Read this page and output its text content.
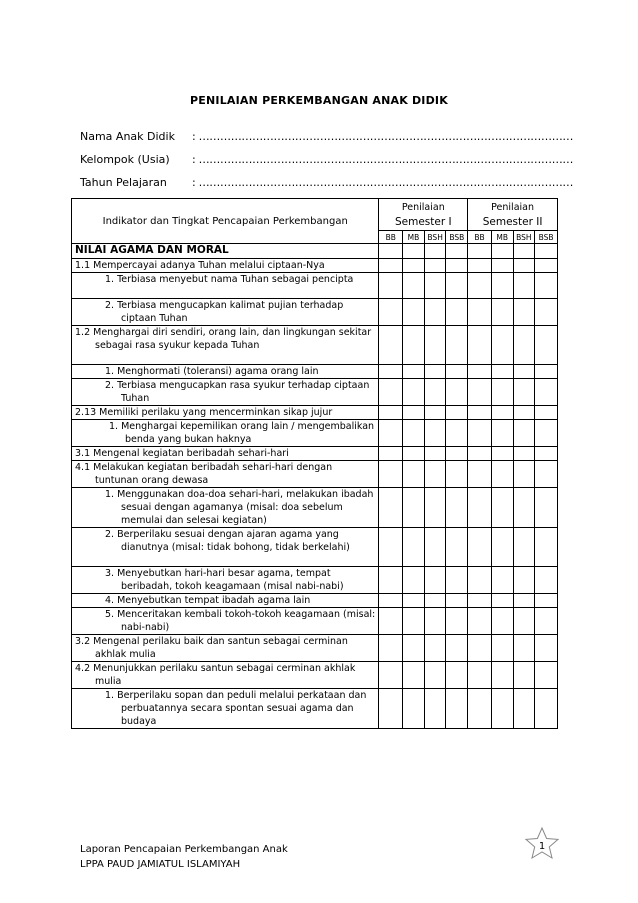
PENILAIAN PERKEMBANGAN ANAK DIDIK
Nama Anak Didik : ……………………………………………………………………………………………
Kelompok (Usia) : ……………………………………………………………………………………………
Tahun Pelajaran : ……………………………………………………………………………………………
Indikator dan Tingkat Pencapaian Perkembangan	Penilaian				Penilaian			
	Semester I				Semester II			
	BB	MB	BSH	BSB	BB	MB	BSH	BSB
NILAI AGAMA DAN MORAL								

1.1 Mempercayai adanya Tuhan melalui ciptaan-Nya								

1. Terbiasa menyebut nama Tuhan sebagai pencipta								

2. Terbiasa mengucapkan kalimat pujian terhadap ciptaan Tuhan								

1.2 Menghargai diri sendiri, orang lain, dan lingkungan sekitar sebagai rasa syukur kepada Tuhan								

1. Menghormati (toleransi) agama orang lain								

2. Terbiasa mengucapkan rasa syukur terhadap ciptaan Tuhan								

2.13 Memiliki perilaku yang mencerminkan sikap jujur								

1. Menghargai kepemilikan orang lain / mengembalikan benda yang bukan haknya								

3.1 Mengenal kegiatan beribadah sehari-hari								

4.1 Melakukan kegiatan beribadah sehari-hari dengan tuntunan orang dewasa								

1. Menggunakan doa-doa sehari-hari, melakukan ibadah sesuai dengan agamanya (misal: doa sebelum memulai dan selesai kegiatan)								

2. Berperilaku sesuai dengan ajaran agama yang dianutnya (misal: tidak bohong, tidak berkelahi)								

3. Menyebutkan hari-hari besar agama, tempat beribadah, tokoh keagamaan (misal nabi-nabi)								

4. Menyebutkan tempat ibadah agama lain								

5. Menceritakan kembali tokoh-tokoh keagamaan (misal: nabi-nabi)								

3.2 Mengenal perilaku baik dan santun sebagai cerminan akhlak mulia								

4.2 Menunjukkan perilaku santun sebagai cerminan akhlak mulia								

1. Berperilaku sopan dan peduli melalui perkataan dan perbuatannya secara spontan sesuai agama dan budaya								

Laporan Pencapaian Perkembangan Anak
LPPA PAUD JAMIATUL ISLAMIYAH
1
